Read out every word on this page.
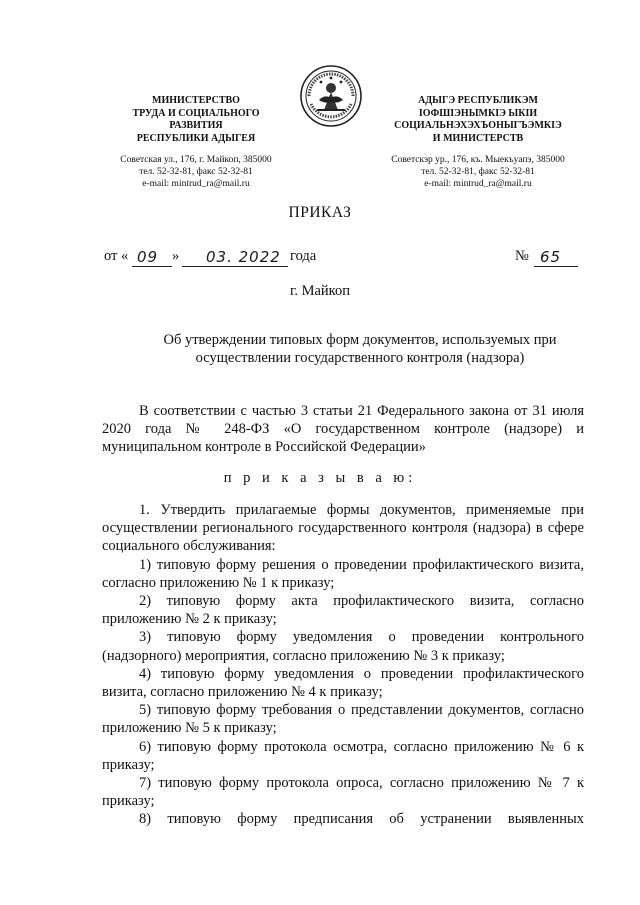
МИНИСТЕРСТВО
ТРУДА И СОЦИАЛЬНОГО
РАЗВИТИЯ
РЕСПУБЛИКИ АДЫГЕЯ
Советская ул., 176, г. Майкоп, 385000
тел. 52-32-81, факс 52-32-81
e-mail: mintrud_ra@mail.ru
АДЫГЭ РЕСПУБЛИКЭМ
IОФШIЭНЫМКIЭ ЫКIИ
СОЦИАЛЬНЭХЭХЪОНЫГЪЭМКIЭ
И МИНИСТЕРСТВ
Советскэр ур., 176, къ. Мыекъуапэ, 385000
тел. 52-32-81, факс 52-32-81
e-mail: mintrud_ra@mail.ru
ПРИКАЗ
от « 09 » 03. 2022 года	№ 65
г. Майкоп
Об утверждении типовых форм документов, используемых при осуществлении государственного контроля (надзора)

В соответствии с частью 3 статьи 21 Федерального закона от 31 июля 2020 года № 248-ФЗ «О государственном контроле (надзоре) и муниципальном контроле в Российской Федерации»

п р и к а з ы в а ю:

1. Утвердить прилагаемые формы документов, применяемые при осуществлении регионального государственного контроля (надзора) в сфере социального обслуживания:

1) типовую форму решения о проведении профилактического визита, согласно приложению № 1 к приказу;

2) типовую форму акта профилактического визита, согласно приложению № 2 к приказу;

3) типовую форму уведомления о проведении контрольного (надзорного) мероприятия, согласно приложению № 3 к приказу;

4) типовую форму уведомления о проведении профилактического визита, согласно приложению № 4 к приказу;

5) типовую форму требования о представлении документов, согласно приложению № 5 к приказу;

6) типовую форму протокола осмотра, согласно приложению № 6 к приказу;

7) типовую форму протокола опроса, согласно приложению № 7 к приказу;

8) типовую форму предписания об устранении выявленных
